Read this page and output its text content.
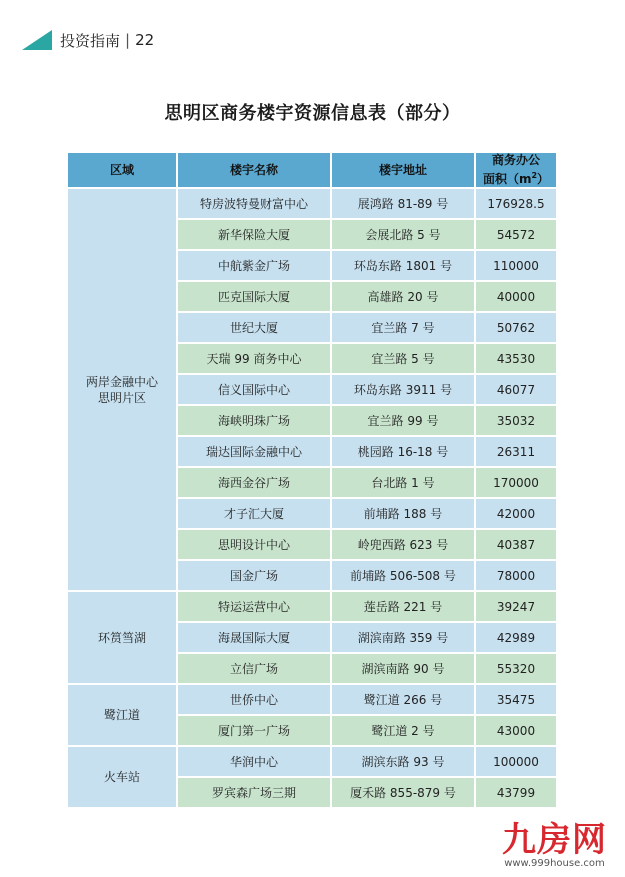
投资指南 | 22
思明区商务楼宇资源信息表（部分）
区域	楼宇名称	楼宇地址	商务办公
面积$(m^2)$
两岸金融中心
思明片区	特房波特曼财富中心	展鸿路 81-89 号	176928.5
	新华保险大厦	会展北路 5 号	54572
	中航紫金广场	环岛东路 1801 号	110000
	匹克国际大厦	高雄路 20 号	40000
	世纪大厦	宜兰路 7 号	50762
	天瑞 99 商务中心	宜兰路 5 号	43530
	信义国际中心	环岛东路 3911 号	46077
	海峡明珠广场	宜兰路 99 号	35032
	瑞达国际金融中心	桃园路 16-18 号	26311
	海西金谷广场	台北路 1 号	170000
	才子汇大厦	前埔路 188 号	42000
	思明设计中心	岭兜西路 623 号	40387
	国金广场	前埔路 506-508 号	78000
环筼筜湖	特运运营中心	莲岳路 221 号	39247
	海晟国际大厦	湖滨南路 359 号	42989
	立信广场	湖滨南路 90 号	55320
鹭江道	世侨中心	鹭江道 266 号	35475
	厦门第一广场	鹭江道 2 号	43000
火车站	华润中心	湖滨东路 93 号	100000
	罗宾森广场三期	厦禾路 855-879 号	43799
九房网
www.999house.com
